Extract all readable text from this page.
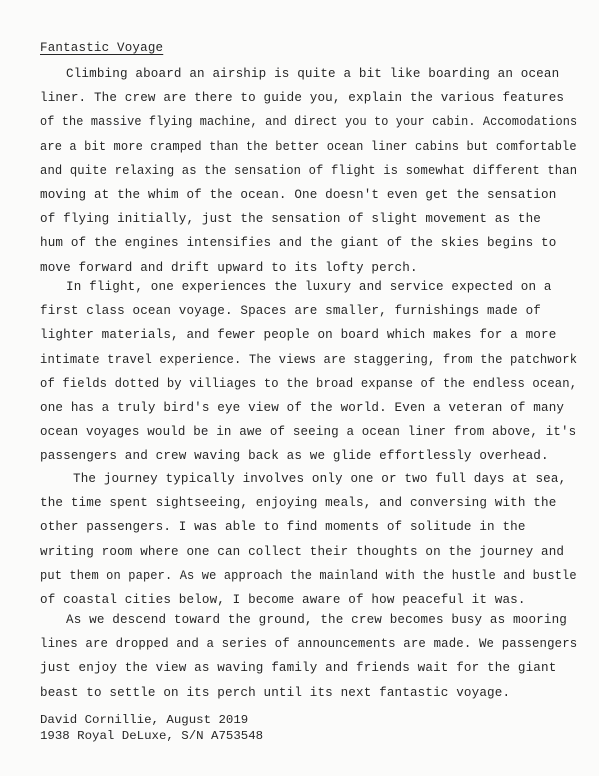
Fantastic Voyage
Climbing aboard an airship is quite a bit like boarding an ocean
liner. The crew are there to guide you, explain the various features
of the massive flying machine, and direct you to your cabin. Accomodations
are a bit more cramped than the better ocean liner cabins but comfortable
and quite relaxing as the sensation of flight is somewhat different than
moving at the whim of the ocean. One doesn't even get the sensation
of flying initially, just the sensation of slight movement as the
hum of the engines intensifies and the giant of the skies begins to
move forward and drift upward to its lofty perch.
In flight, one experiences the luxury and service expected on a
first class ocean voyage. Spaces are smaller, furnishings made of
lighter materials, and fewer people on board which makes for a more
intimate travel experience. The views are staggering, from the patchwork
of fields dotted by villiages to the broad expanse of the endless ocean,
one has a truly bird's eye view of the world. Even a veteran of many
ocean voyages would be in awe of seeing a ocean liner from above, it's
passengers and crew waving back as we glide effortlessly overhead.
The journey typically involves only one or two full days at sea,
the time spent sightseeing, enjoying meals, and conversing with the
other passengers. I was able to find moments of solitude in the
writing room where one can collect their thoughts on the journey and
put them on paper. As we approach the mainland with the hustle and bustle
of coastal cities below, I become aware of how peaceful it was.
As we descend toward the ground, the crew becomes busy as mooring
lines are dropped and a series of announcements are made. We passengers
just enjoy the view as waving family and friends wait for the giant
beast to settle on its perch until its next fantastic voyage.
David Cornillie, August 2019
1938 Royal DeLuxe, S/N A753548
